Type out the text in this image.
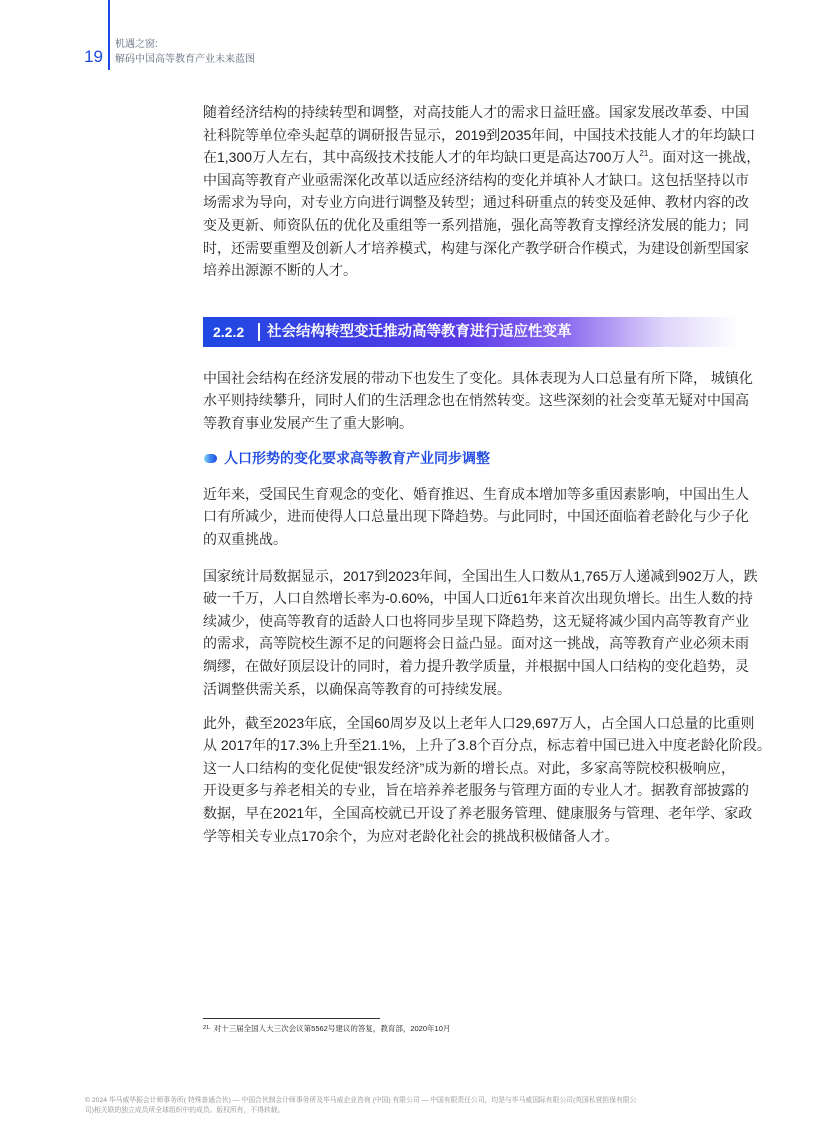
19
机遇之窗:
解码中国高等教育产业未来蓝图
随着经济结构的持续转型和调整，对高技能人才的需求日益旺盛。国家发展改革委、中国
社科院等单位牵头起草的调研报告显示，2019到2035年间，中国技术技能人才的年均缺口
在1,300万人左右，其中高级技术技能人才的年均缺口更是高达700万人$^{21}$。面对这一挑战，
中国高等教育产业亟需深化改革以适应经济结构的变化并填补人才缺口。这包括坚持以市
场需求为导向，对专业方向进行调整及转型；通过科研重点的转变及延伸、教材内容的改
变及更新、师资队伍的优化及重组等一系列措施，强化高等教育支撑经济发展的能力；同
时，还需要重塑及创新人才培养模式，构建与深化产教学研合作模式，为建设创新型国家
培养出源源不断的人才。
2.2.2 社会结构转型变迁推动高等教育进行适应性变革
中国社会结构在经济发展的带动下也发生了变化。具体表现为人口总量有所下降， 城镇化
水平则持续攀升，同时人们的生活理念也在悄然转变。这些深刻的社会变革无疑对中国高
等教育事业发展产生了重大影响。
人口形势的变化要求高等教育产业同步调整
近年来，受国民生育观念的变化、婚育推迟、生育成本增加等多重因素影响，中国出生人
口有所减少，进而使得人口总量出现下降趋势。与此同时，中国还面临着老龄化与少子化
的双重挑战。
国家统计局数据显示，2017到2023年间，全国出生人口数从1,765万人递减到902万人，跌
破一千万，人口自然增长率为-0.60%，中国人口近61年来首次出现负增长。出生人数的持
续减少，使高等教育的适龄人口也将同步呈现下降趋势，这无疑将减少国内高等教育产业
的需求，高等院校生源不足的问题将会日益凸显。面对这一挑战，高等教育产业必须未雨
绸缪，在做好顶层设计的同时，着力提升教学质量，并根据中国人口结构的变化趋势，灵
活调整供需关系，以确保高等教育的可持续发展。
此外，截至2023年底，全国60周岁及以上老年人口29,697万人，占全国人口总量的比重则
从 2017年的17.3%上升至21.1%，上升了3.8个百分点，标志着中国已进入中度老龄化阶段。
这一人口结构的变化促使“银发经济”成为新的增长点。对此，多家高等院校积极响应，
开设更多与养老相关的专业，旨在培养养老服务与管理方面的专业人才。据教育部披露的
数据，早在2021年，全国高校就已开设了养老服务管理、健康服务与管理、老年学、家政
学等相关专业点170余个，为应对老龄化社会的挑战积极储备人才。
$^{21.}$ 对十三届全国人大三次会议第5562号建议的答复，教育部，2020年10月
© 2024 毕马威华振会计师事务所( 特殊普通合伙) — 中国合伙制会计师事务所及毕马威企业咨询 (中国) 有限公司 — 中国有限责任公司，均是与毕马威国际有限公司(英国私营担保有限公
司)相关联的独立成员所全球组织中的成员。版权所有，不得转载。
